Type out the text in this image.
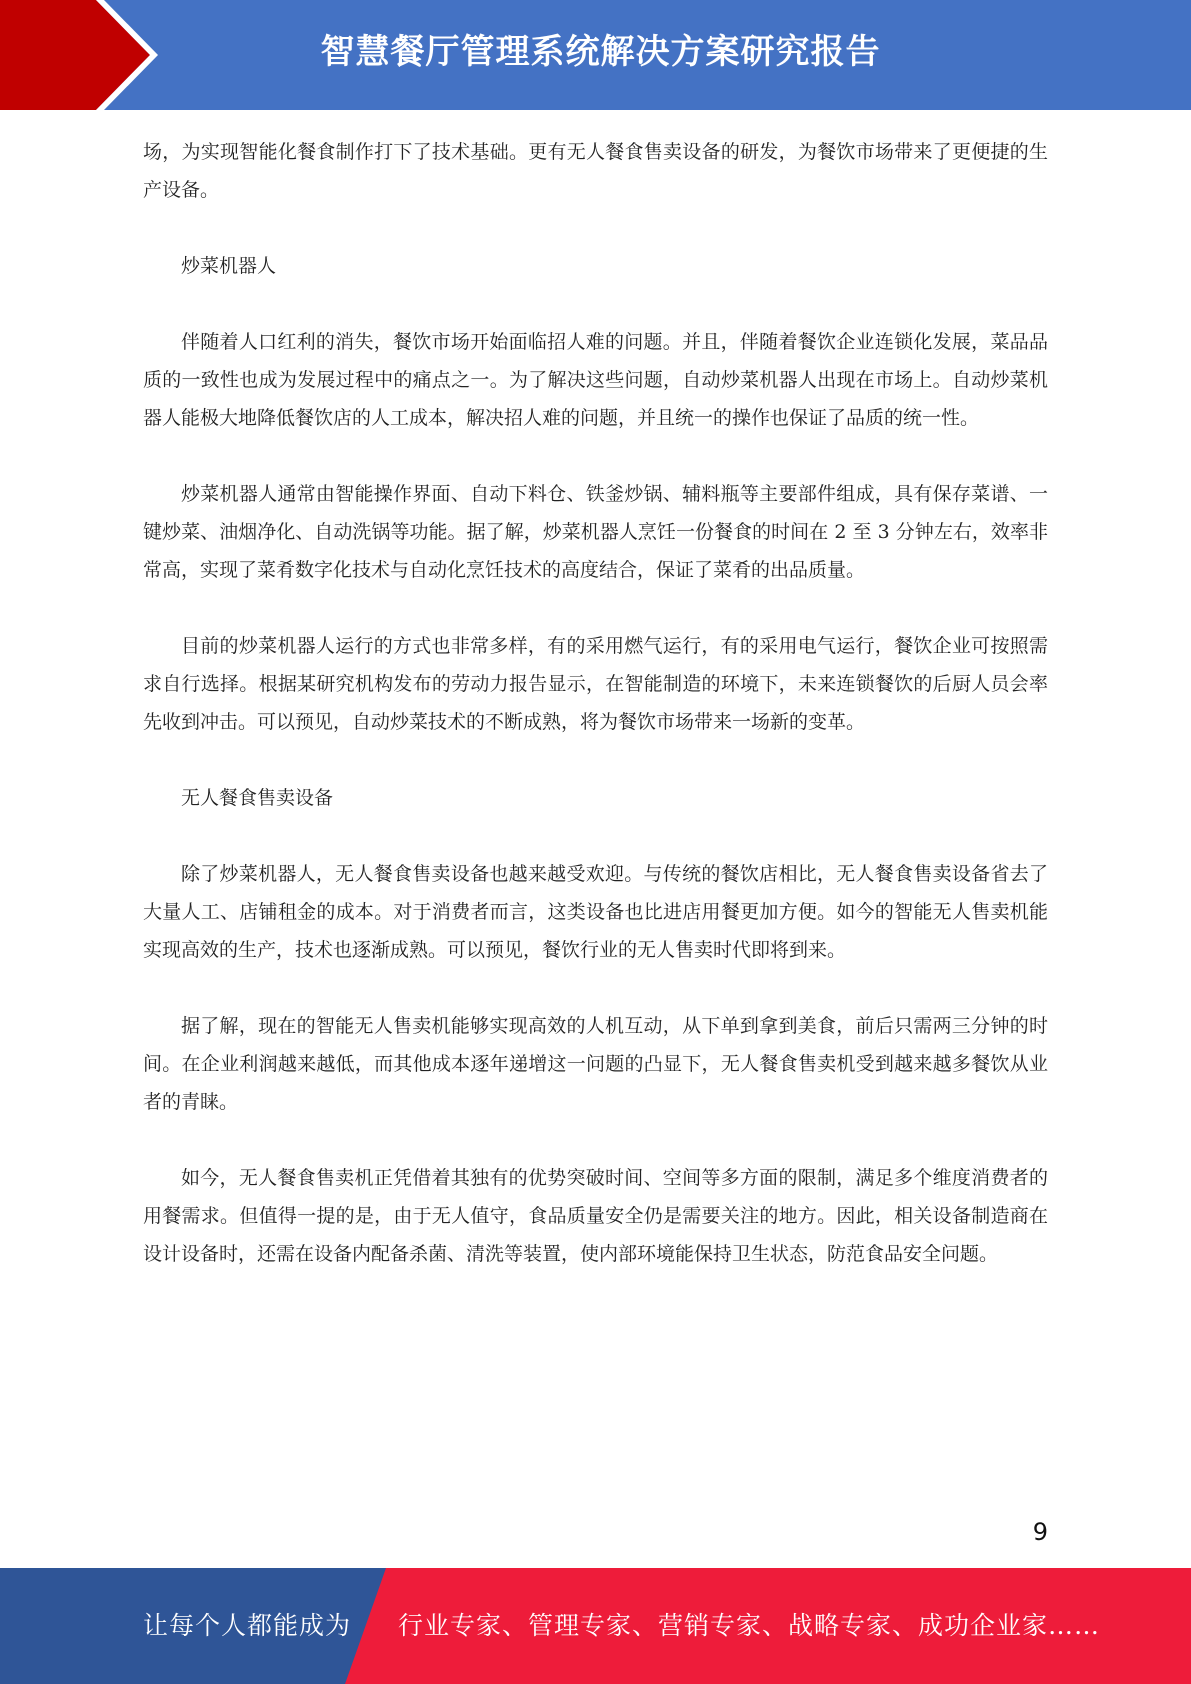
智慧餐厅管理系统解决方案研究报告

场，为实现智能化餐食制作打下了技术基础。更有无人餐食售卖设备的研发，为餐饮市场带来了更便捷的生产设备。

炒菜机器人

伴随着人口红利的消失，餐饮市场开始面临招人难的问题。并且，伴随着餐饮企业连锁化发展，菜品品质的一致性也成为发展过程中的痛点之一。为了解决这些问题，自动炒菜机器人出现在市场上。自动炒菜机器人能极大地降低餐饮店的人工成本，解决招人难的问题，并且统一的操作也保证了品质的统一性。

炒菜机器人通常由智能操作界面、自动下料仓、铁釜炒锅、辅料瓶等主要部件组成，具有保存菜谱、一键炒菜、油烟净化、自动洗锅等功能。据了解，炒菜机器人烹饪一份餐食的时间在 2 至 3 分钟左右，效率非常高，实现了菜肴数字化技术与自动化烹饪技术的高度结合，保证了菜肴的出品质量。

目前的炒菜机器人运行的方式也非常多样，有的采用燃气运行，有的采用电气运行，餐饮企业可按照需求自行选择。根据某研究机构发布的劳动力报告显示，在智能制造的环境下，未来连锁餐饮的后厨人员会率先收到冲击。可以预见，自动炒菜技术的不断成熟，将为餐饮市场带来一场新的变革。

无人餐食售卖设备

除了炒菜机器人，无人餐食售卖设备也越来越受欢迎。与传统的餐饮店相比，无人餐食售卖设备省去了大量人工、店铺租金的成本。对于消费者而言，这类设备也比进店用餐更加方便。如今的智能无人售卖机能实现高效的生产，技术也逐渐成熟。可以预见，餐饮行业的无人售卖时代即将到来。

据了解，现在的智能无人售卖机能够实现高效的人机互动，从下单到拿到美食，前后只需两三分钟的时间。在企业利润越来越低，而其他成本逐年递增这一问题的凸显下，无人餐食售卖机受到越来越多餐饮从业者的青睐。

如今，无人餐食售卖机正凭借着其独有的优势突破时间、空间等多方面的限制，满足多个维度消费者的用餐需求。但值得一提的是，由于无人值守，食品质量安全仍是需要关注的地方。因此，相关设备制造商在设计设备时，还需在设备内配备杀菌、清洗等装置，使内部环境能保持卫生状态，防范食品安全问题。

9
让每个人都能成为 行业专家、管理专家、营销专家、战略专家、成功企业家……
